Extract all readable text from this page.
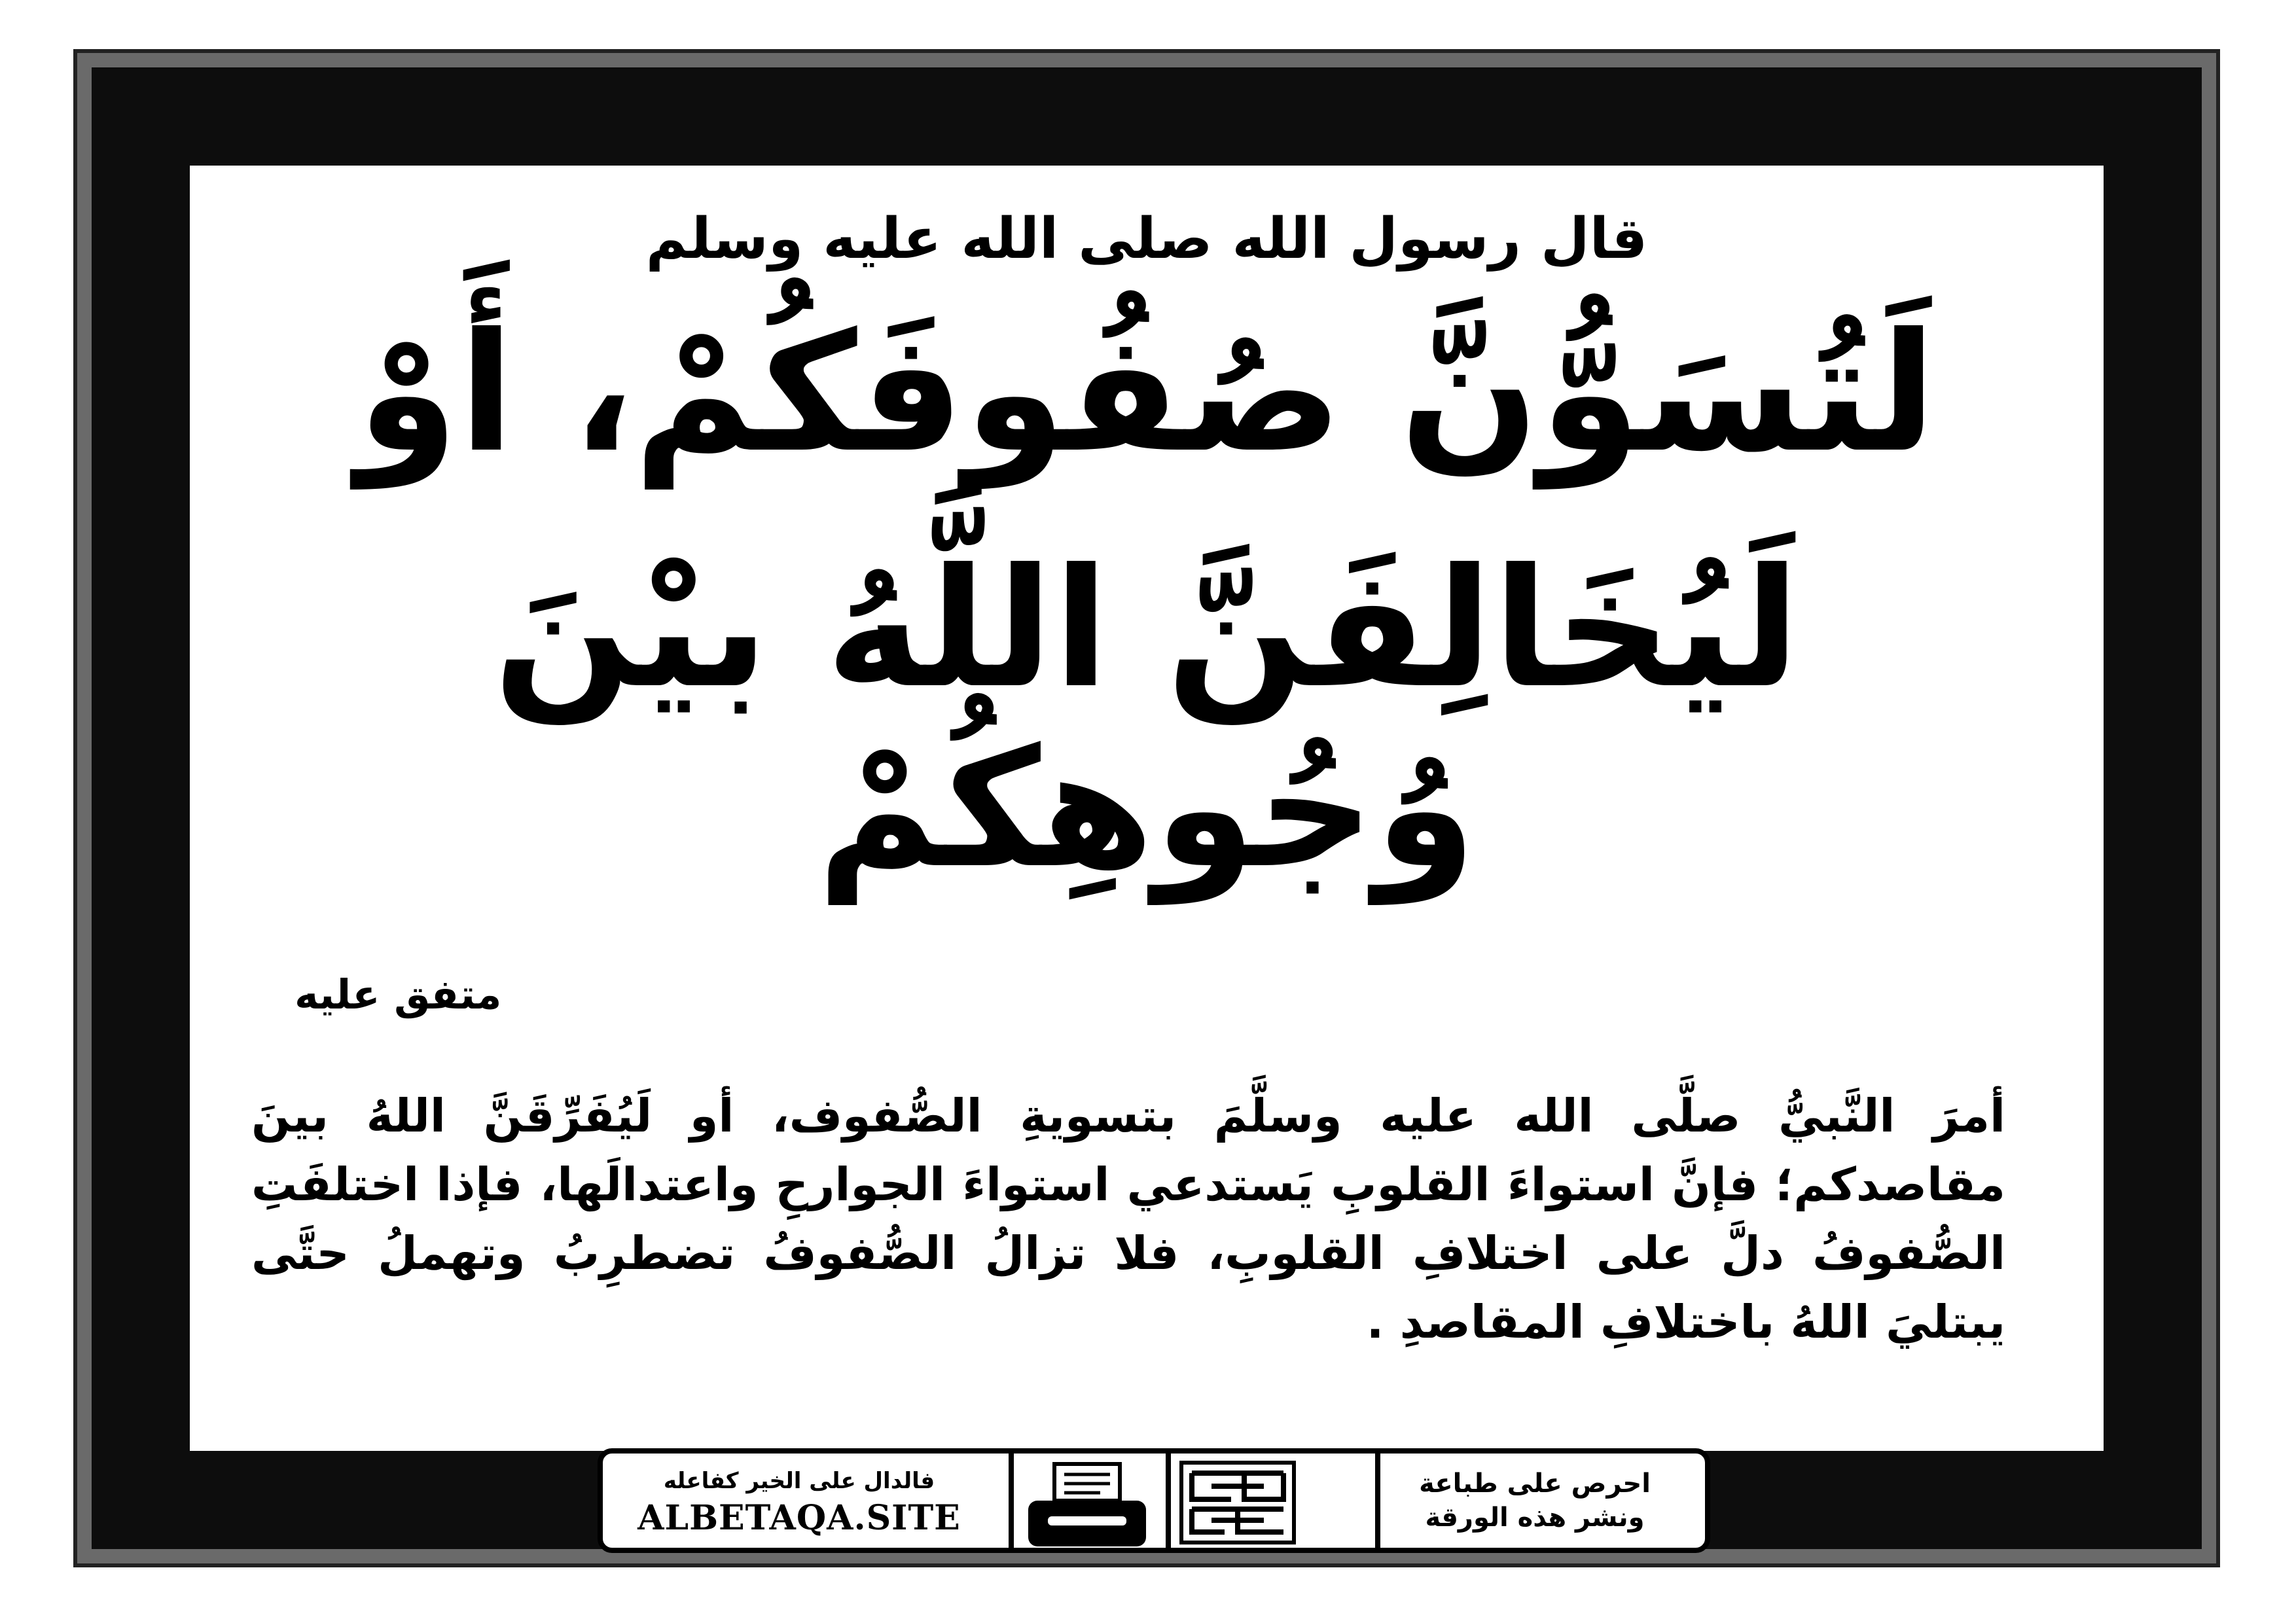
قال رسول الله صلى الله عليه وسلم
لَتُسَوُّنَّ صُفُوفَكُمْ، أَوْ
لَيُخَالِفَنَّ اللَّهُ بيْنَ وُجُوهِكُمْ
متفق عليه
أمرَ النَّبيُّ صلَّى الله عليه وسلَّمَ بتسويةِ الصُّفوف، أو لَيُفَرِّقَنَّ اللهُ بينَ مقاصدكم؛ فإنَّ استواءَ القلوبِ يَستدعي استواءَ الجوارحِ واعتدالَها، فإذا اختلفَتِ الصُّفوفُ دلَّ على اختلافِ القلوبِ، فلا تزالُ الصُّفوفُ تضطرِبُ وتهملُ حتَّى يبتليَ اللهُ باختلافِ المقاصدِ .
احرص على طباعة
ونشر هذه الورقة
فالدال على الخير كفاعله
ALBETAQA.SITE
